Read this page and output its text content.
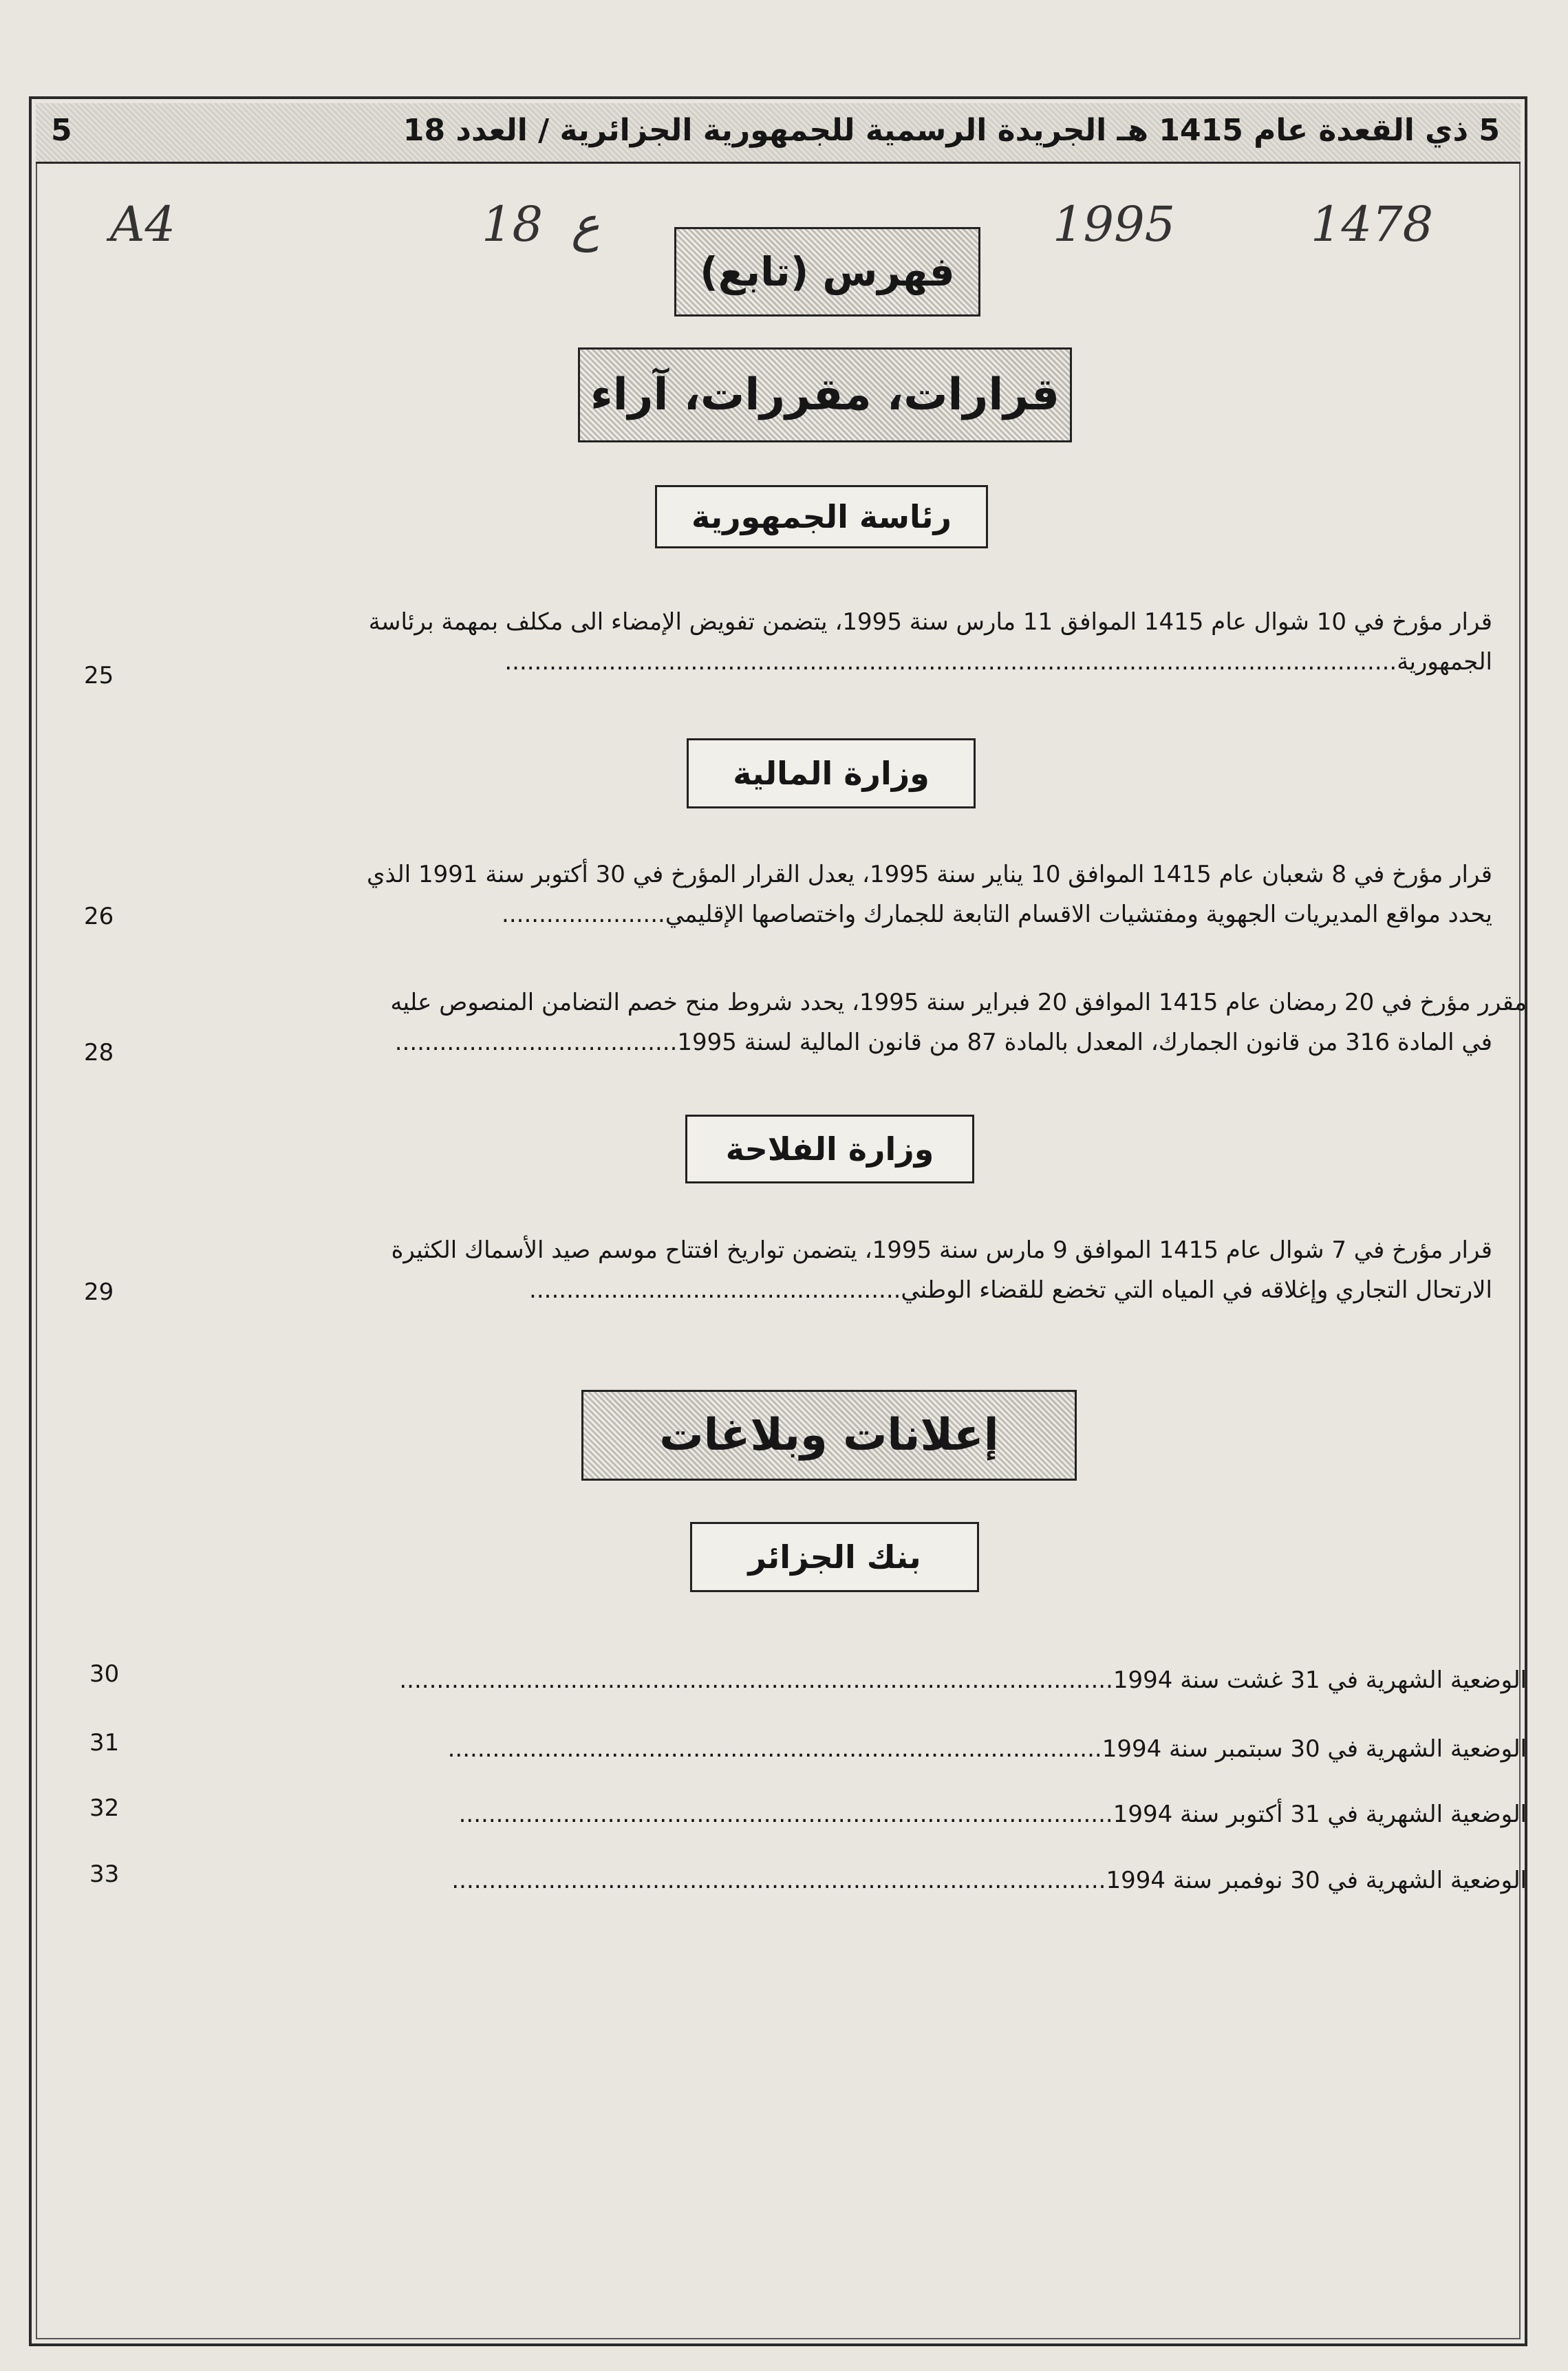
5 ذي القعدة عام 1415 هـ الجريدة الرسمية للجمهورية الجزائرية / العدد 18
5
1478
1995
ع
18
A4
فهرس (تابع)
قرارات، مقررات، آراء
رئاسة الجمهورية
قرار مؤرخ في 10 شوال عام 1415 الموافق 11 مارس سنة 1995، يتضمن تفويض الإمضاء الى مكلف بمهمة برئاسة
الجمهورية........................................................................................................................
25
وزارة المالية
قرار مؤرخ في 8 شعبان عام 1415 الموافق 10 يناير سنة 1995، يعدل القرار المؤرخ في 30 أكتوبر سنة 1991 الذي
يحدد مواقع المديريات الجهوية ومفتشيات الاقسام التابعة للجمارك واختصاصها الإقليمي......................
26
مقرر مؤرخ في 20 رمضان عام 1415 الموافق 20 فبراير سنة 1995، يحدد شروط منح خصم التضامن المنصوص عليه
في المادة 316 من قانون الجمارك، المعدل بالمادة 87 من قانون المالية لسنة 1995......................................
28
وزارة الفلاحة
قرار مؤرخ في 7 شوال عام 1415 الموافق 9 مارس سنة 1995، يتضمن تواريخ افتتاح موسم صيد الأسماك الكثيرة
الارتحال التجاري وإغلاقه في المياه التي تخضع للقضاء الوطني..................................................
29
إعلانات وبلاغات
بنك الجزائر
الوضعية الشهرية في 31 غشت سنة 1994................................................................................................
30
الوضعية الشهرية في 30 سبتمبر سنة 1994........................................................................................
31
الوضعية الشهرية في 31 أكتوبر سنة 1994........................................................................................
32
الوضعية الشهرية في 30 نوفمبر سنة 1994........................................................................................
33
